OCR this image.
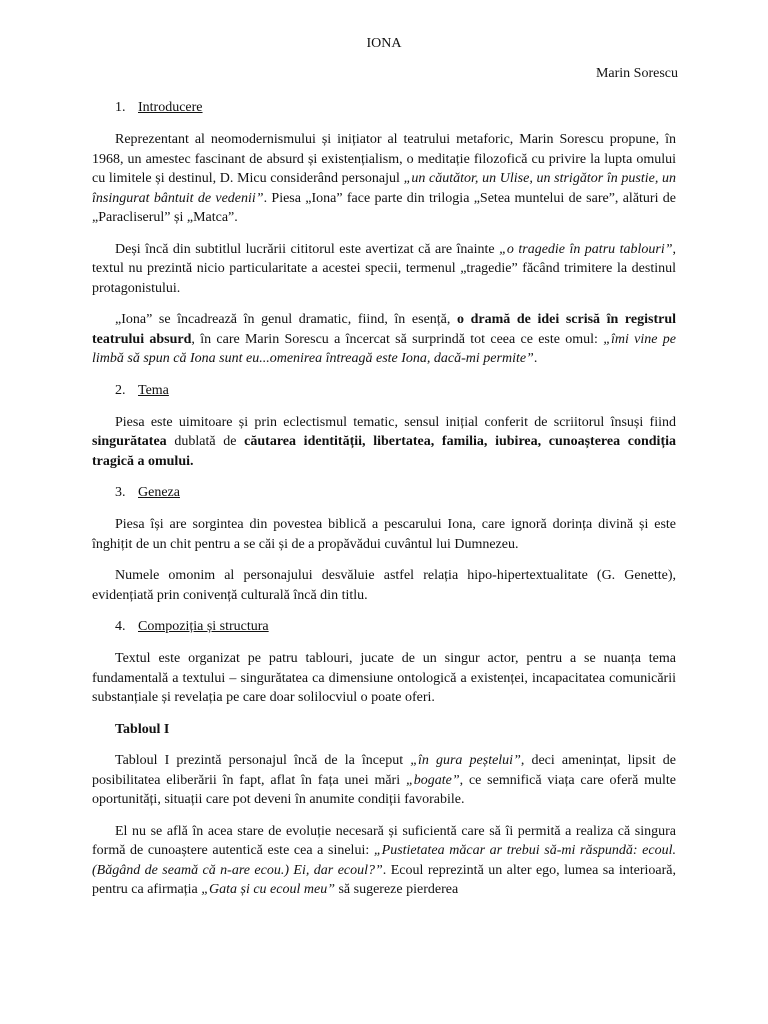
IONA
Marin Sorescu
1. Introducere

Reprezentant al neomodernismului și inițiator al teatrului metaforic, Marin Sorescu propune, în 1968, un amestec fascinant de absurd și existențialism, o meditație filozofică cu privire la lupta omului cu limitele și destinul, D. Micu considerând personajul „un căutător, un Ulise, un strigător în pustie, un însingurat bântuit de vedenii”. Piesa „Iona” face parte din trilogia „Setea muntelui de sare”, alături de „Paracliserul” și „Matca”.

Deși încă din subtitlul lucrării cititorul este avertizat că are înainte „o tragedie în patru tablouri”, textul nu prezintă nicio particularitate a acestei specii, termenul „tragedie” făcând trimitere la destinul protagonistului.

„Iona” se încadrează în genul dramatic, fiind, în esență, o dramă de idei scrisă în registrul teatrului absurd, în care Marin Sorescu a încercat să surprindă tot ceea ce este omul: „îmi vine pe limbă să spun că Iona sunt eu...omenirea întreagă este Iona, dacă-mi permite”.

2. Tema

Piesa este uimitoare și prin eclectismul tematic, sensul inițial conferit de scriitorul însuși fiind singurătatea dublată de căutarea identității, libertatea, familia, iubirea, cunoașterea condiția tragică a omului.

3. Geneza

Piesa își are sorgintea din povestea biblică a pescarului Iona, care ignoră dorința divină și este înghițit de un chit pentru a se căi și de a propăvădui cuvântul lui Dumnezeu.

Numele omonim al personajului desvăluie astfel relația hipo-hipertextualitate (G. Genette), evidențiată prin conivență culturală încă din titlu.

4. Compoziția și structura

Textul este organizat pe patru tablouri, jucate de un singur actor, pentru a se nuanța tema fundamentală a textului – singurătatea ca dimensiune ontologică a existenței, incapacitatea comunicării substanțiale și revelația pe care doar solilocviul o poate oferi.

Tabloul I

Tabloul I prezintă personajul încă de la început „în gura peștelui”, deci amenințat, lipsit de posibilitatea eliberării în fapt, aflat în fața unei mări „bogate”, ce semnifică viața care oferă multe oportunități, situații care pot deveni în anumite condiții favorabile.

El nu se află în acea stare de evoluție necesară și suficientă care să îi permită a realiza că singura formă de cunoaștere autentică este cea a sinelui: „Pustietatea măcar ar trebui să-mi răspundă: ecoul. (Băgând de seamă că n-are ecou.) Ei, dar ecoul?”. Ecoul reprezintă un alter ego, lumea sa interioară, pentru ca afirmația „Gata și cu ecoul meu” să sugereze pierderea
